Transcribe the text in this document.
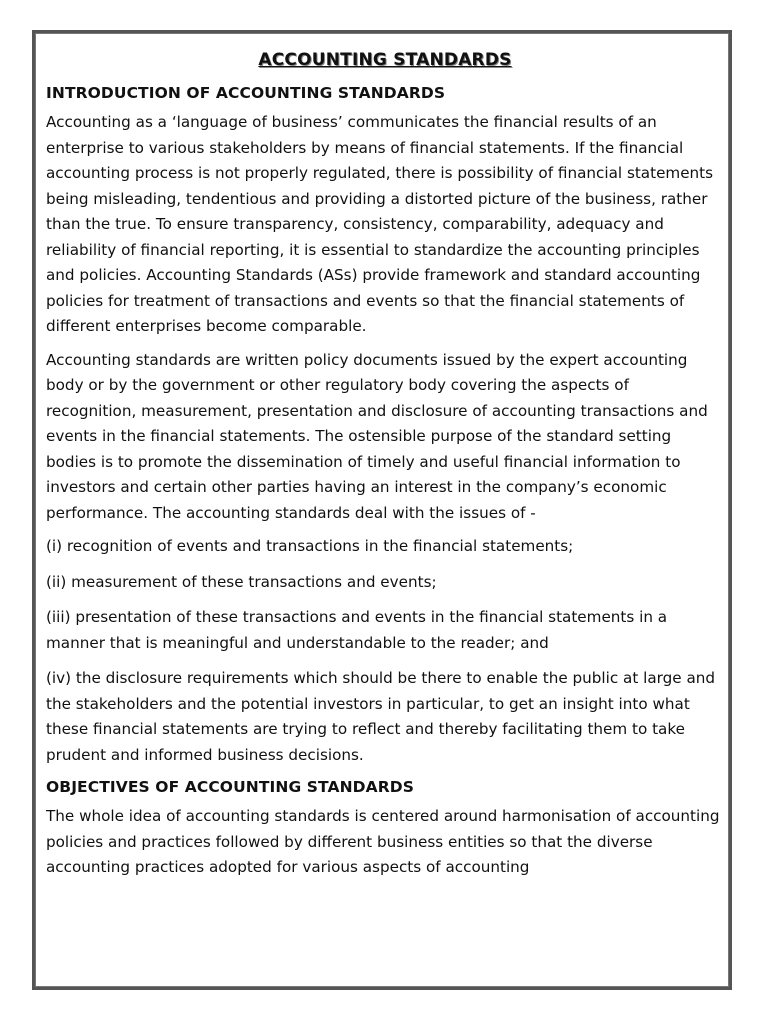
ACCOUNTING STANDARDS
INTRODUCTION OF ACCOUNTING STANDARDS

Accounting as a ‘language of business’ communicates the financial results of an enterprise to various stakeholders by means of financial statements. If the financial accounting process is not properly regulated, there is possibility of financial statements being misleading, tendentious and providing a distorted picture of the business, rather than the true. To ensure transparency, consistency, comparability, adequacy and reliability of financial reporting, it is essential to standardize the accounting principles and policies. Accounting Standards (ASs) provide framework and standard accounting policies for treatment of transactions and events so that the financial statements of different enterprises become comparable.

Accounting standards are written policy documents issued by the expert accounting body or by the government or other regulatory body covering the aspects of recognition, measurement, presentation and disclosure of accounting transactions and events in the financial statements. The ostensible purpose of the standard setting bodies is to promote the dissemination of timely and useful financial information to investors and certain other parties having an interest in the company’s economic performance. The accounting standards deal with the issues of -

(i) recognition of events and transactions in the financial statements;

(ii) measurement of these transactions and events;

(iii) presentation of these transactions and events in the financial statements in a manner that is meaningful and understandable to the reader; and

(iv) the disclosure requirements which should be there to enable the public at large and the stakeholders and the potential investors in particular, to get an insight into what these financial statements are trying to reflect and thereby facilitating them to take prudent and informed business decisions.

OBJECTIVES OF ACCOUNTING STANDARDS

The whole idea of accounting standards is centered around harmonisation of accounting policies and practices followed by different business entities so that the diverse accounting practices adopted for various aspects of accounting
